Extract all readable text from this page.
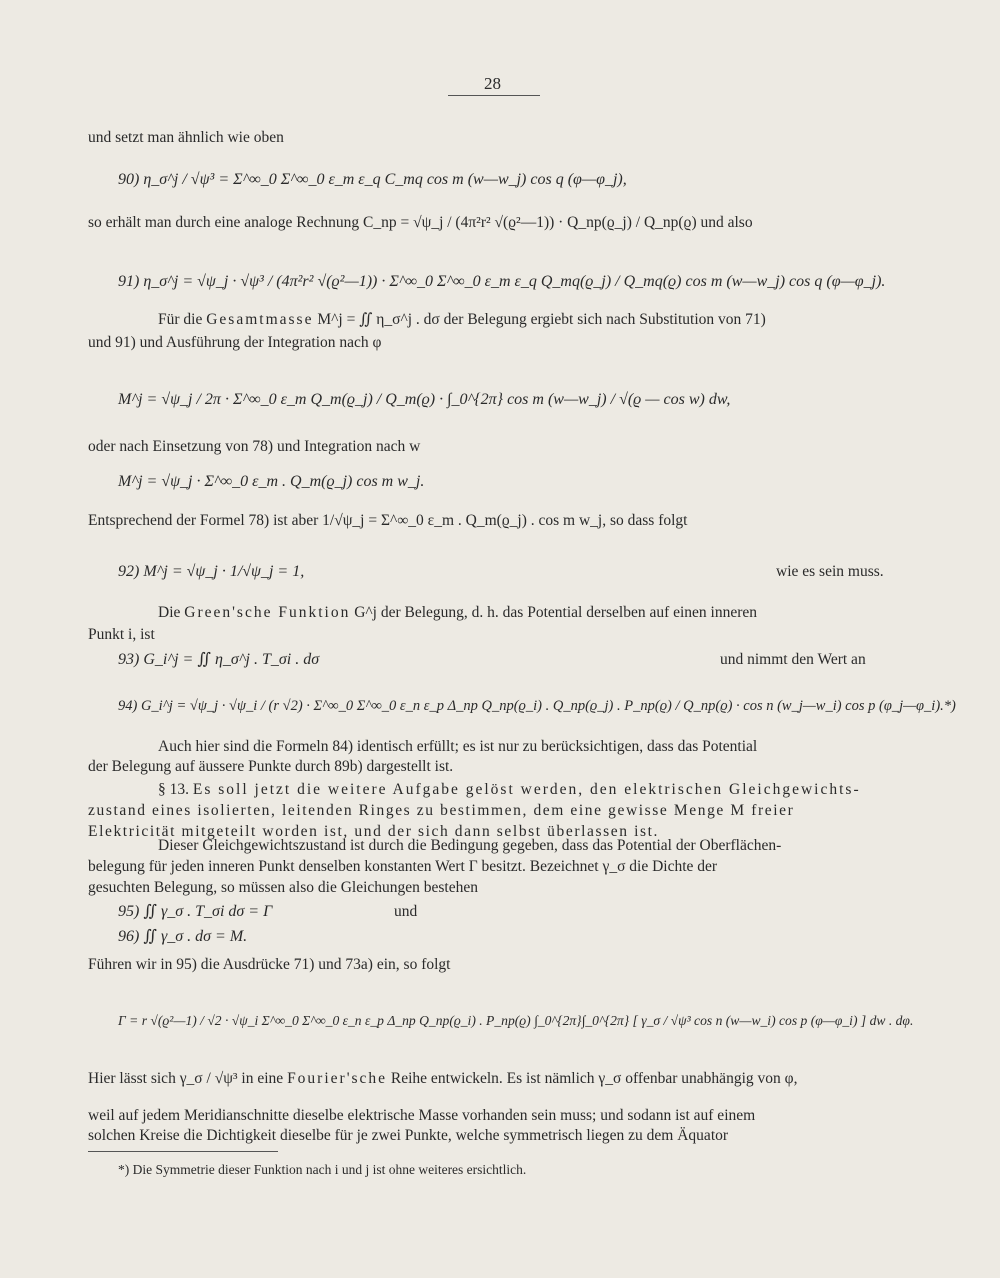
28
und setzt man ähnlich wie oben
90) η_σ^j / √ψ³ = Σ^∞_0 Σ^∞_0 ε_m ε_q C_mq cos m (w—w_j) cos q (φ—φ_j),
so erhält man durch eine analoge Rechnung C_np = √ψ_j / (4π²r² √(ϱ²—1)) · Q_np(ϱ_j) / Q_np(ϱ) und also
91) η_σ^j = √ψ_j · √ψ³ / (4π²r² √(ϱ²—1)) · Σ^∞_0 Σ^∞_0 ε_m ε_q Q_mq(ϱ_j) / Q_mq(ϱ) cos m (w—w_j) cos q (φ—φ_j).
Für die Gesamtmasse M^j = ∬ η_σ^j . dσ der Belegung ergiebt sich nach Substitution von 71)
und 91) und Ausführung der Integration nach φ
M^j = √ψ_j / 2π · Σ^∞_0 ε_m Q_m(ϱ_j) / Q_m(ϱ) · ∫_0^{2π} cos m (w—w_j) / √(ϱ — cos w) dw,
oder nach Einsetzung von 78) und Integration nach w
M^j = √ψ_j · Σ^∞_0 ε_m . Q_m(ϱ_j) cos m w_j.
Entsprechend der Formel 78) ist aber 1/√ψ_j = Σ^∞_0 ε_m . Q_m(ϱ_j) . cos m w_j, so dass folgt
92) M^j = √ψ_j · 1/√ψ_j = 1,	wie es sein muss.
Die Green'sche Funktion G^j der Belegung, d. h. das Potential derselben auf einen inneren
Punkt i, ist
93) G_i^j = ∬ η_σ^j . T_σi . dσ	und nimmt den Wert an
94) G_i^j = √ψ_j · √ψ_i / (r √2) · Σ^∞_0 Σ^∞_0 ε_n ε_p Δ_np Q_np(ϱ_i) . Q_np(ϱ_j) . P_np(ϱ) / Q_np(ϱ) · cos n (w_j—w_i) cos p (φ_j—φ_i).*)
Auch hier sind die Formeln 84) identisch erfüllt; es ist nur zu berücksichtigen, dass das Potential
der Belegung auf äussere Punkte durch 89b) dargestellt ist.
§ 13. Es soll jetzt die weitere Aufgabe gelöst werden, den elektrischen Gleichgewichts-
zustand eines isolierten, leitenden Ringes zu bestimmen, dem eine gewisse Menge M freier
Elektricität mitgeteilt worden ist, und der sich dann selbst überlassen ist.
Dieser Gleichgewichtszustand ist durch die Bedingung gegeben, dass das Potential der Oberflächen-
belegung für jeden inneren Punkt denselben konstanten Wert Γ besitzt. Bezeichnet γ_σ die Dichte der
gesuchten Belegung, so müssen also die Gleichungen bestehen
95) ∬ γ_σ . T_σi dσ = Γ	und
96) ∬ γ_σ . dσ = M.
Führen wir in 95) die Ausdrücke 71) und 73a) ein, so folgt
Γ = r √(ϱ²—1) / √2 · √ψ_i Σ^∞_0 Σ^∞_0 ε_n ε_p Δ_np Q_np(ϱ_i) . P_np(ϱ) ∫_0^{2π}∫_0^{2π} [ γ_σ / √ψ³ cos n (w—w_i) cos p (φ—φ_i) ] dw . dφ.
Hier lässt sich γ_σ / √ψ³ in eine Fourier'sche Reihe entwickeln. Es ist nämlich γ_σ offenbar unabhängig von φ,
weil auf jedem Meridianschnitte dieselbe elektrische Masse vorhanden sein muss; und sodann ist auf einem
solchen Kreise die Dichtigkeit dieselbe für je zwei Punkte, welche symmetrisch liegen zu dem Äquator
*) Die Symmetrie dieser Funktion nach i und j ist ohne weiteres ersichtlich.
